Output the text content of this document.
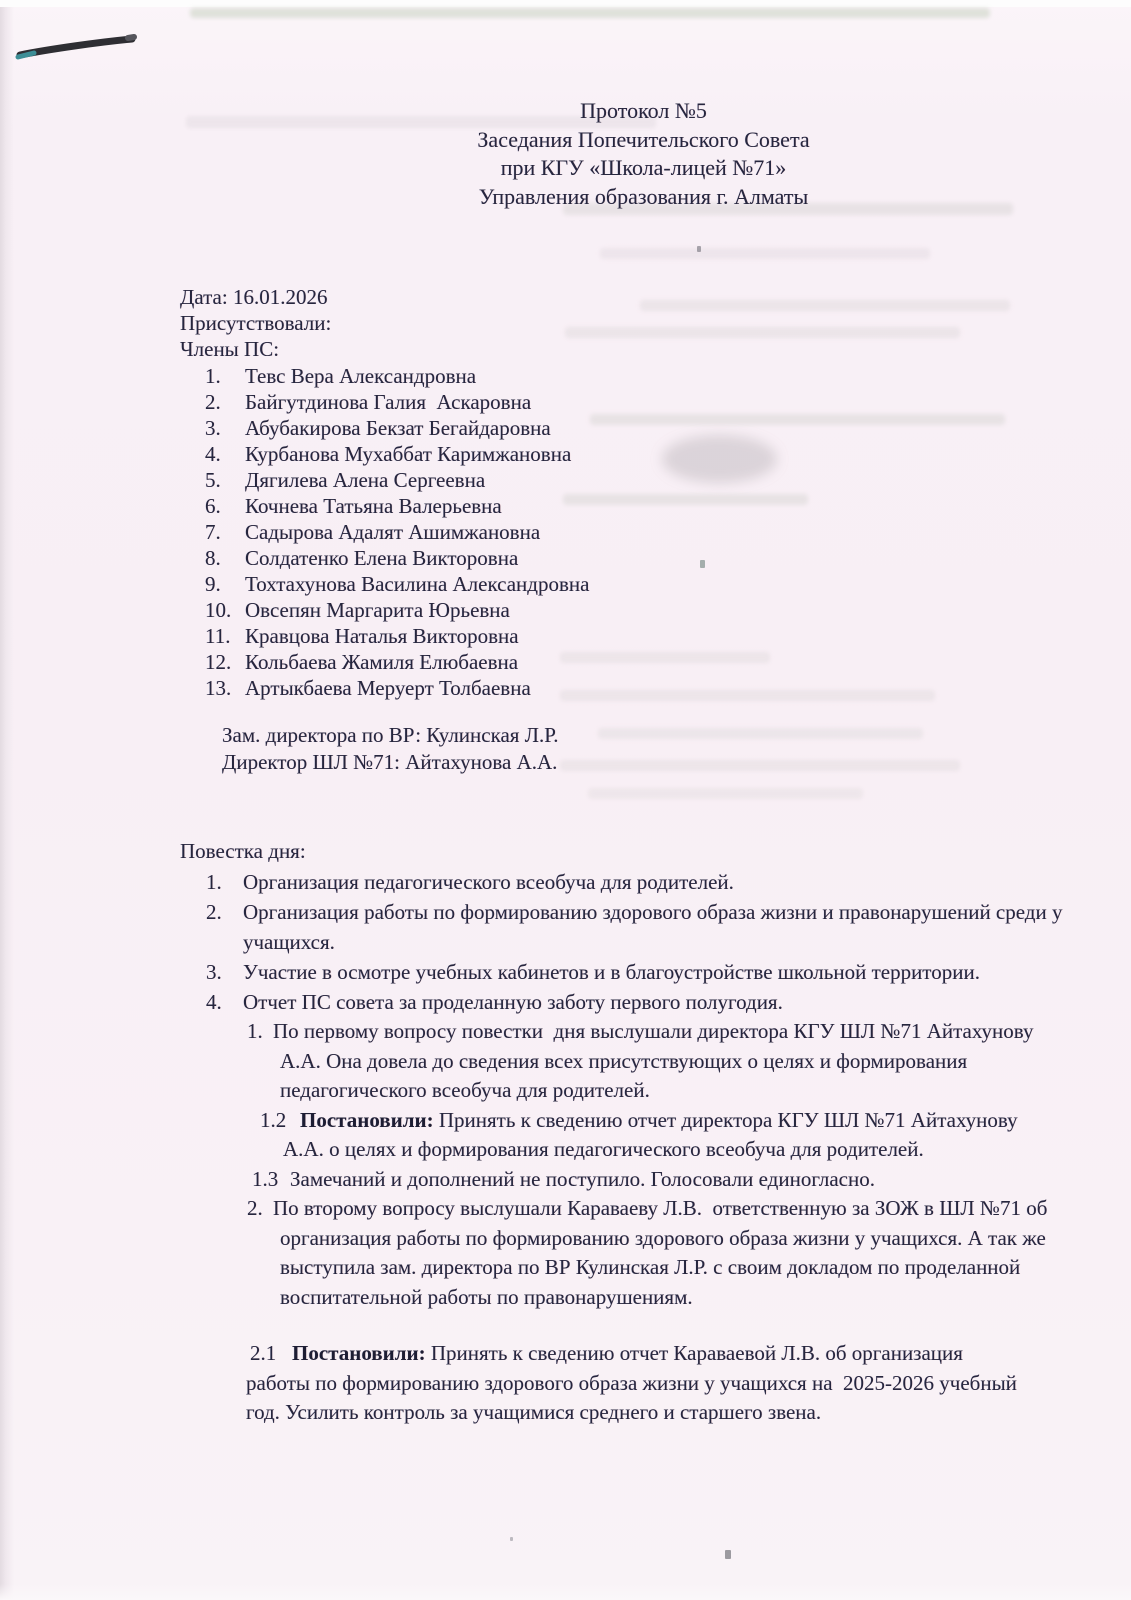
Протокол №5
Заседания Попечительского Совета
при КГУ «Школа-лицей №71»
Управления образования г. Алматы
Дата: 16.01.2026
Присутствовали:
Члены ПС:
Тевс Вера Александровна
Байгутдинова Галия  Аскаровна
Абубакирова Бекзат Бегайдаровна
Курбанова Мухаббат Каримжановна
Дягилева Алена Сергеевна
Кочнева Татьяна Валерьевна
Садырова Адалят Ашимжановна
Солдатенко Елена Викторовна
Тохтахунова Василина Александровна
Овсепян Маргарита Юрьевна
Кравцова Наталья Викторовна
Кольбаева Жамиля Елюбаевна
Артыкбаева Меруерт Толбаевна
Зам. директора по ВР: Кулинская Л.Р.
Директор ШЛ №71: Айтахунова А.А.
Повестка дня:
Организация педагогического всеобуча для родителей.
Организация работы по формированию здорового образа жизни и правонарушений среди у учащихся.
Участие в осмотре учебных кабинетов и в благоустройстве школьной территории.
Отчет ПС совета за проделанную заботу первого полугодия.
1. По первому вопросу повестки  дня выслушали директора КГУ ШЛ №71 Айтахунову А.А. Она довела до сведения всех присутствующих о целях и формирования педагогического всеобуча для родителей.
1.2 Постановили: Принять к сведению отчет директора КГУ ШЛ №71 Айтахунову А.А. о целях и формирования педагогического всеобуча для родителей.
1.3 Замечаний и дополнений не поступило. Голосовали единогласно.
2. По второму вопросу выслушали Караваеву Л.В.  ответственную за ЗОЖ в ШЛ №71 об организация работы по формированию здорового образа жизни у учащихся. А так же выступила зам. директора по ВР Кулинская Л.Р. с своим докладом по проделанной воспитательной работы по правонарушениям.

2.1 Постановили: Принять к сведению отчет Караваевой Л.В. об организация работы по формированию здорового образа жизни у учащихся на  2025-2026 учебный год. Усилить контроль за учащимися среднего и старшего звена.
